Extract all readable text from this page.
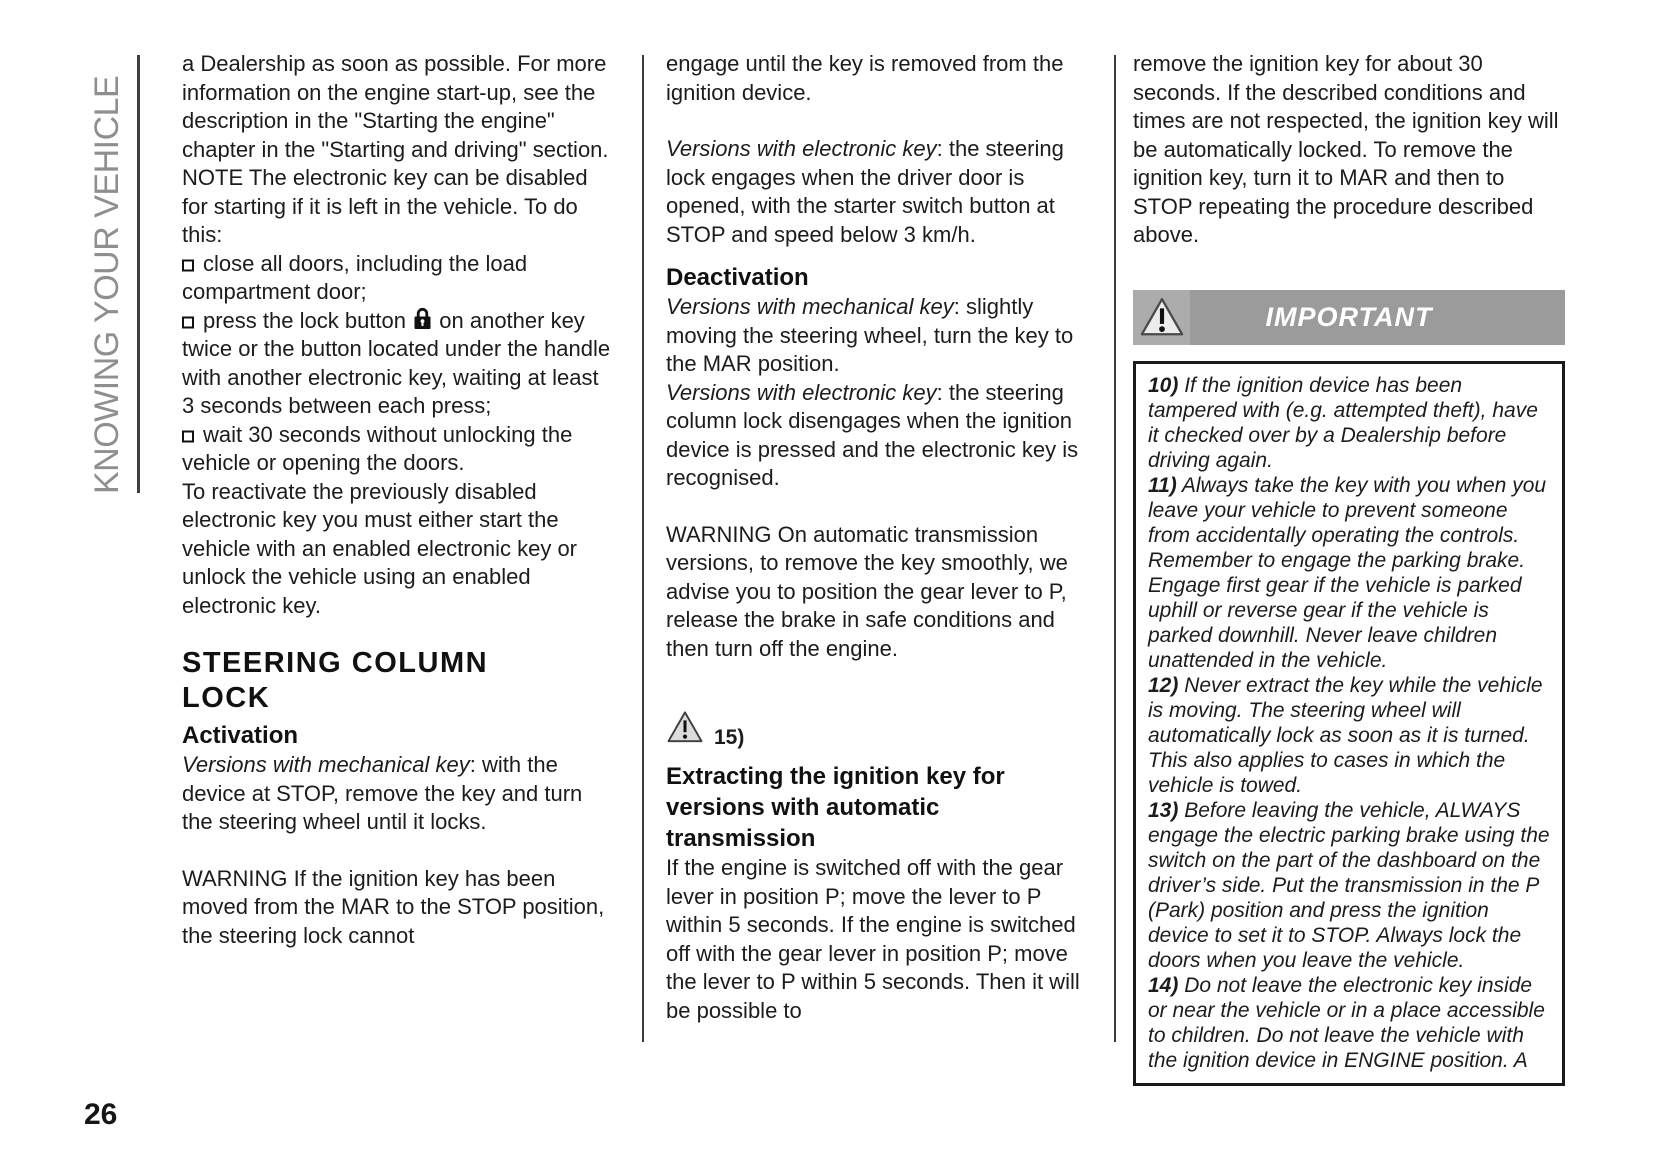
KNOWING YOUR VEHICLE

a Dealership as soon as possible. For more information on the engine start-up, see the description in the "Starting the engine" chapter in the "Starting and driving" section.

NOTE The electronic key can be disabled for starting if it is left in the vehicle. To do this:

close all doors, including the load compartment door;

press the lock button on another key twice or the button located under the handle with another electronic key, waiting at least 3 seconds between each press;

wait 30 seconds without unlocking the vehicle or opening the doors.

To reactivate the previously disabled electronic key you must either start the vehicle with an enabled electronic key or unlock the vehicle using an enabled electronic key.

STEERING COLUMN LOCK
Activation

Versions with mechanical key: with the device at STOP, remove the key and turn the steering wheel until it locks.

WARNING If the ignition key has been moved from the MAR to the STOP position, the steering lock cannot

engage until the key is removed from the ignition device.

Versions with electronic key: the steering lock engages when the driver door is opened, with the starter switch button at STOP and speed below 3 km/h.

Deactivation

Versions with mechanical key: slightly moving the steering wheel, turn the key to the MAR position.

Versions with electronic key: the steering column lock disengages when the ignition device is pressed and the electronic key is recognised.

WARNING On automatic transmission versions, to remove the key smoothly, we advise you to position the gear lever to P, release the brake in safe conditions and then turn off the engine.

15)
Extracting the ignition key for versions with automatic transmission

If the engine is switched off with the gear lever in position P; move the lever to P within 5 seconds. If the engine is switched off with the gear lever in position P; move the lever to P within 5 seconds. Then it will be possible to

remove the ignition key for about 30 seconds. If the described conditions and times are not respected, the ignition key will be automatically locked. To remove the ignition key, turn it to MAR and then to STOP repeating the procedure described above.

IMPORTANT

10) If the ignition device has been tampered with (e.g. attempted theft), have it checked over by a Dealership before driving again.

11) Always take the key with you when you leave your vehicle to prevent someone from accidentally operating the controls. Remember to engage the parking brake. Engage first gear if the vehicle is parked uphill or reverse gear if the vehicle is parked downhill. Never leave children unattended in the vehicle.

12) Never extract the key while the vehicle is moving. The steering wheel will automatically lock as soon as it is turned. This also applies to cases in which the vehicle is towed.

13) Before leaving the vehicle, ALWAYS engage the electric parking brake using the switch on the part of the dashboard on the driver’s side. Put the transmission in the P (Park) position and press the ignition device to set it to STOP. Always lock the doors when you leave the vehicle.

14) Do not leave the electronic key inside or near the vehicle or in a place accessible to children. Do not leave the vehicle with the ignition device in ENGINE position. A

26
